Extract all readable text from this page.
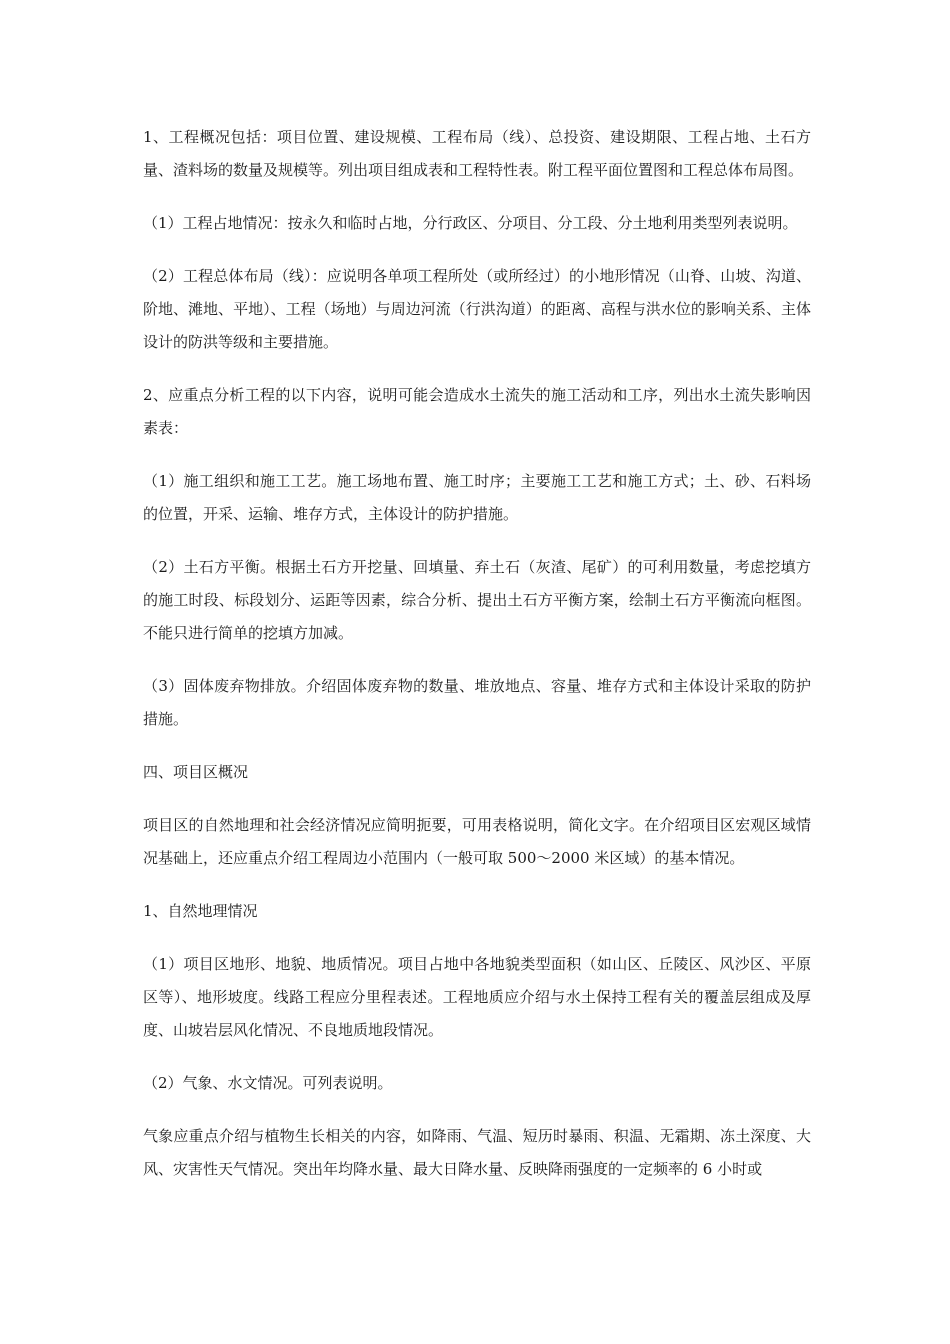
1、工程概况包括：项目位置、建设规模、工程布局（线）、总投资、建设期限、工程占地、土石方量、渣料场的数量及规模等。列出项目组成表和工程特性表。附工程平面位置图和工程总体布局图。

（1）工程占地情况：按永久和临时占地，分行政区、分项目、分工段、分土地利用类型列表说明。

（2）工程总体布局（线）：应说明各单项工程所处（或所经过）的小地形情况（山脊、山坡、沟道、阶地、滩地、平地）、工程（场地）与周边河流（行洪沟道）的距离、高程与洪水位的影响关系、主体设计的防洪等级和主要措施。

2、应重点分析工程的以下内容，说明可能会造成水土流失的施工活动和工序，列出水土流失影响因素表：

（1）施工组织和施工工艺。施工场地布置、施工时序；主要施工工艺和施工方式；土、砂、石料场的位置，开采、运输、堆存方式，主体设计的防护措施。

（2）土石方平衡。根据土石方开挖量、回填量、弃土石（灰渣、尾矿）的可利用数量，考虑挖填方的施工时段、标段划分、运距等因素，综合分析、提出土石方平衡方案，绘制土石方平衡流向框图。不能只进行简单的挖填方加减。

（3）固体废弃物排放。介绍固体废弃物的数量、堆放地点、容量、堆存方式和主体设计采取的防护措施。

四、项目区概况

项目区的自然地理和社会经济情况应简明扼要，可用表格说明，简化文字。在介绍项目区宏观区域情况基础上，还应重点介绍工程周边小范围内（一般可取 500～2000 米区域）的基本情况。

1、自然地理情况

（1）项目区地形、地貌、地质情况。项目占地中各地貌类型面积（如山区、丘陵区、风沙区、平原区等）、地形坡度。线路工程应分里程表述。工程地质应介绍与水土保持工程有关的覆盖层组成及厚度、山坡岩层风化情况、不良地质地段情况。

（2）气象、水文情况。可列表说明。

气象应重点介绍与植物生长相关的内容，如降雨、气温、短历时暴雨、积温、无霜期、冻土深度、大风、灾害性天气情况。突出年均降水量、最大日降水量、反映降雨强度的一定频率的 6 小时或
